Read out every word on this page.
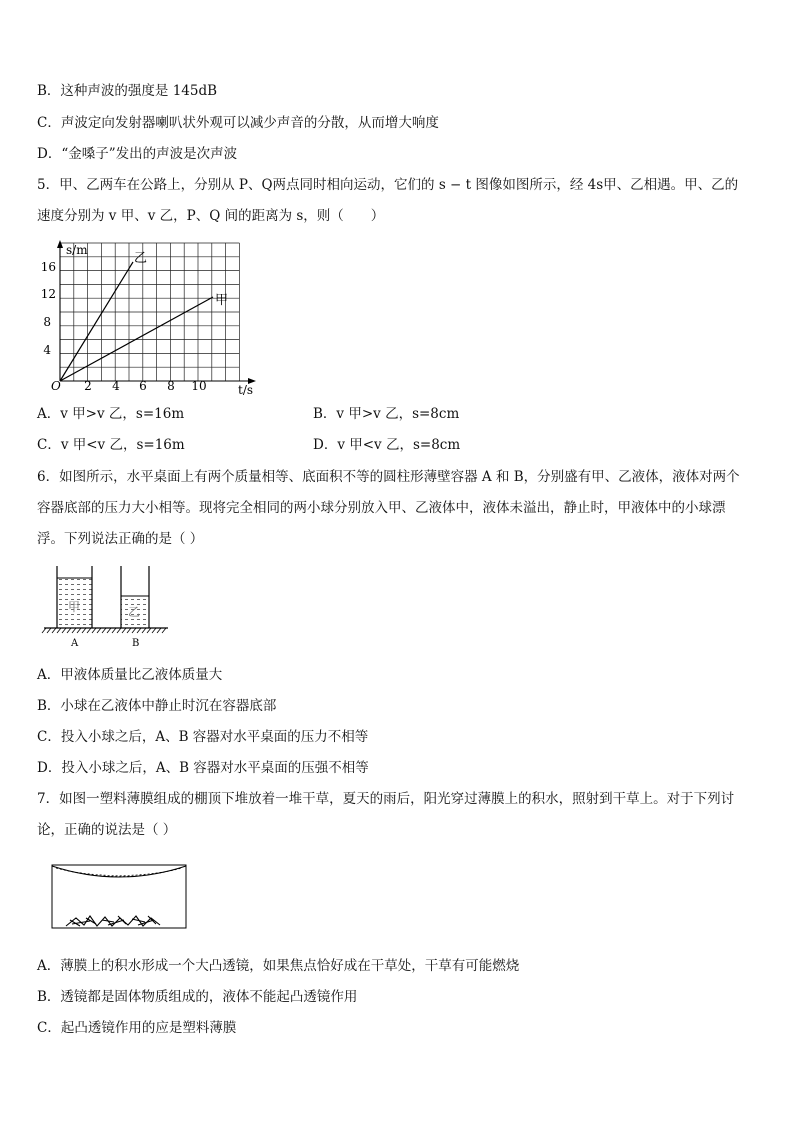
B．这种声波的强度是 145dB
C．声波定向发射器喇叭状外观可以减少声音的分散，从而增大响度
D．“金嗓子”发出的声波是次声波
5．甲、乙两车在公路上，分别从 P、Q两点同时相向运动，它们的 s − t 图像如图所示，经 4s甲、乙相遇。甲、乙的
速度分别为 v 甲、v 乙，P、Q 间的距离为 s，则（　　）
s/m
t/s
O
乙
甲
4
8
12
16
2 4 6 8 10
A．v 甲>v 乙，s=16m	B．v 甲>v 乙，s=8cm
C．v 甲<v 乙，s=16m	D．v 甲<v 乙，s=8cm
6．如图所示，水平桌面上有两个质量相等、底面积不等的圆柱形薄壁容器 A 和 B，分别盛有甲、乙液体，液体对两个
容器底部的压力大小相等。现将完全相同的两小球分别放入甲、乙液体中，液体未溢出，静止时，甲液体中的小球漂
浮。下列说法正确的是（ ）
甲	乙
A	B
A．甲液体质量比乙液体质量大
B．小球在乙液体中静止时沉在容器底部
C．投入小球之后，A、B 容器对水平桌面的压力不相等
D．投入小球之后，A、B 容器对水平桌面的压强不相等
7．如图一塑料薄膜组成的棚顶下堆放着一堆干草，夏天的雨后，阳光穿过薄膜上的积水，照射到干草上。对于下列讨
论，正确的说法是（ ）
A．薄膜上的积水形成一个大凸透镜，如果焦点恰好成在干草处，干草有可能燃烧
B．透镜都是固体物质组成的，液体不能起凸透镜作用
C．起凸透镜作用的应是塑料薄膜
